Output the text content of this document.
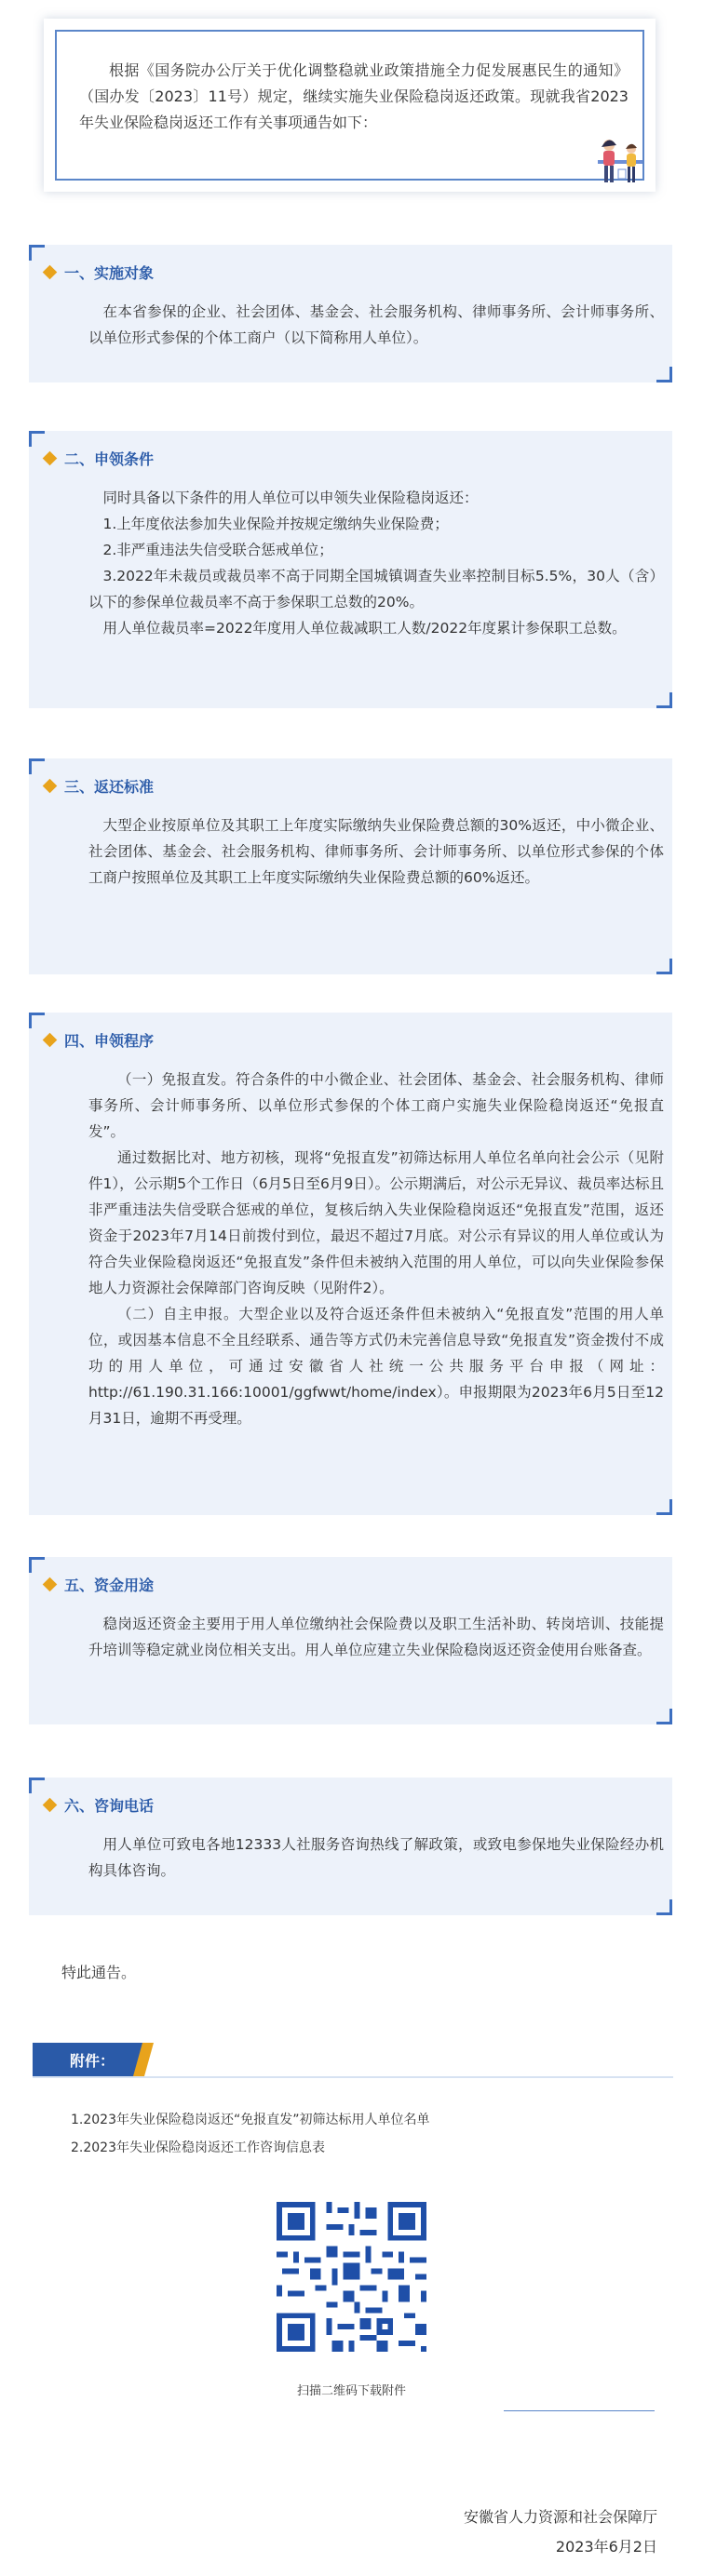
根据《国务院办公厅关于优化调整稳就业政策措施全力促发展惠民生的通知》（国办发〔2023〕11号）规定，继续实施失业保险稳岗返还政策。现就我省2023年失业保险稳岗返还工作有关事项通告如下：
一、实施对象

在本省参保的企业、社会团体、基金会、社会服务机构、律师事务所、会计师事务所、以单位形式参保的个体工商户（以下简称用人单位）。

二、申领条件

同时具备以下条件的用人单位可以申领失业保险稳岗返还：

1.上年度依法参加失业保险并按规定缴纳失业保险费；

2.非严重违法失信受联合惩戒单位；

3.2022年未裁员或裁员率不高于同期全国城镇调查失业率控制目标5.5%，30人（含）以下的参保单位裁员率不高于参保职工总数的20%。

用人单位裁员率=2022年度用人单位裁减职工人数/2022年度累计参保职工总数。

三、返还标准

大型企业按原单位及其职工上年度实际缴纳失业保险费总额的30%返还，中小微企业、社会团体、基金会、社会服务机构、律师事务所、会计师事务所、以单位形式参保的个体工商户按照单位及其职工上年度实际缴纳失业保险费总额的60%返还。

四、申领程序

（一）免报直发。符合条件的中小微企业、社会团体、基金会、社会服务机构、律师事务所、会计师事务所、以单位形式参保的个体工商户实施失业保险稳岗返还“免报直发”。

通过数据比对、地方初核，现将“免报直发”初筛达标用人单位名单向社会公示（见附件1），公示期5个工作日（6月5日至6月9日）。公示期满后，对公示无异议、裁员率达标且非严重违法失信受联合惩戒的单位，复核后纳入失业保险稳岗返还“免报直发”范围，返还资金于2023年7月14日前拨付到位，最迟不超过7月底。对公示有异议的用人单位或认为符合失业保险稳岗返还“免报直发”条件但未被纳入范围的用人单位，可以向失业保险参保地人力资源社会保障部门咨询反映（见附件2）。

（二）自主申报。大型企业以及符合返还条件但未被纳入“免报直发”范围的用人单位，或因基本信息不全且经联系、通告等方式仍未完善信息导致“免报直发”资金拨付不成功的用人单位，可通过安徽省人社统一公共服务平台申报（网址：http://61.190.31.166:10001/ggfwwt/home/index）。申报期限为2023年6月5日至12月31日，逾期不再受理。

五、资金用途

稳岗返还资金主要用于用人单位缴纳社会保险费以及职工生活补助、转岗培训、技能提升培训等稳定就业岗位相关支出。用人单位应建立失业保险稳岗返还资金使用台账备查。

六、咨询电话

用人单位可致电各地12333人社服务咨询热线了解政策，或致电参保地失业保险经办机构具体咨询。

特此通告。
附件：

1.2023年失业保险稳岗返还“免报直发”初筛达标用人单位名单

2.2023年失业保险稳岗返还工作咨询信息表

扫描二维码下载附件

安徽省人力资源和社会保障厅

2023年6月2日
